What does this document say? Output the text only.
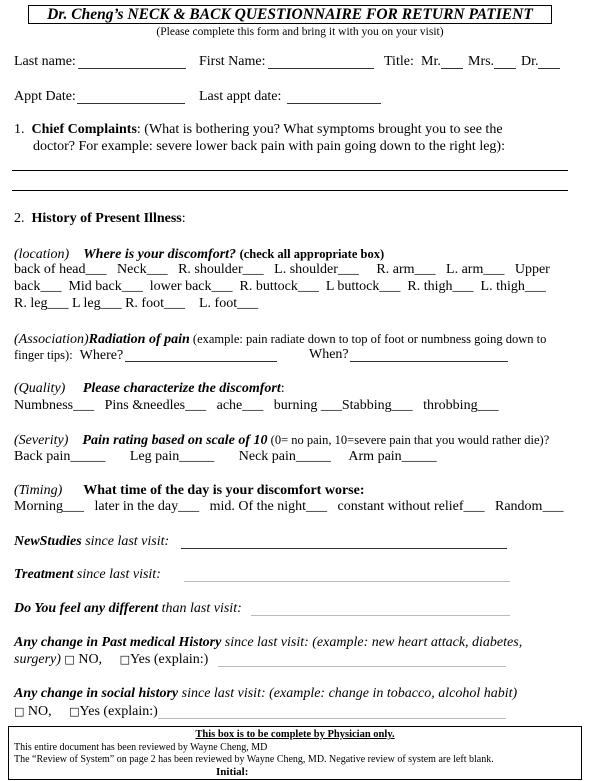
Dr. Cheng’s NECK & BACK QUESTIONNAIRE FOR RETURN PATIENT
(Please complete this form and bring it with you on your visit)
Last name:	First Name:	Title: Mr. Mrs. Dr.
Appt Date:	Last appt date:
1. Chief Complaints: (What is bothering you? What symptoms brought you to see the
doctor? For example: severe lower back pain with pain going down to the right leg):
2. History of Present Illness:
(location) Where is your discomfort? (check all appropriate box)
back of head___   Neck___   R. shoulder___   L. shoulder___     R. arm___   L. arm___   Upper
back___  Mid back___  lower back___  R. buttock___  L buttock___  R. thigh___  L. thigh___
R. leg___ L leg___ R. foot___    L. foot___
(Association)Radiation of pain (example: pain radiate down to top of foot or numbness going down to
finger tips): Where?	When?
(Quality) Please characterize the discomfort:
Numbness___   Pins &needles___   ache___   burning ___Stabbing___   throbbing___
(Severity) Pain rating based on scale of 10 (0= no pain, 10=severe pain that you would rather die)?
Back pain_____       Leg pain_____       Neck pain_____     Arm pain_____
(Timing) What time of the day is your discomfort worse:
Morning___   later in the day___   mid. Of the night___   constant without relief___   Random___
NewStudies since last visit:
Treatment since last visit:
Do You feel any different than last visit:
Any change in Past medical History since last visit: (example: new heart attack, diabetes,
surgery) □ NO, □Yes (explain:)
Any change in social history since last visit: (example: change in tobacco, alcohol habit)
□ NO, □Yes (explain:)
This box is to be complete by Physician only.
This entire document has been reviewed by Wayne Cheng, MD
The “Review of System” on page 2 has been reviewed by Wayne Cheng, MD. Negative review of system are left blank.
Initial:
